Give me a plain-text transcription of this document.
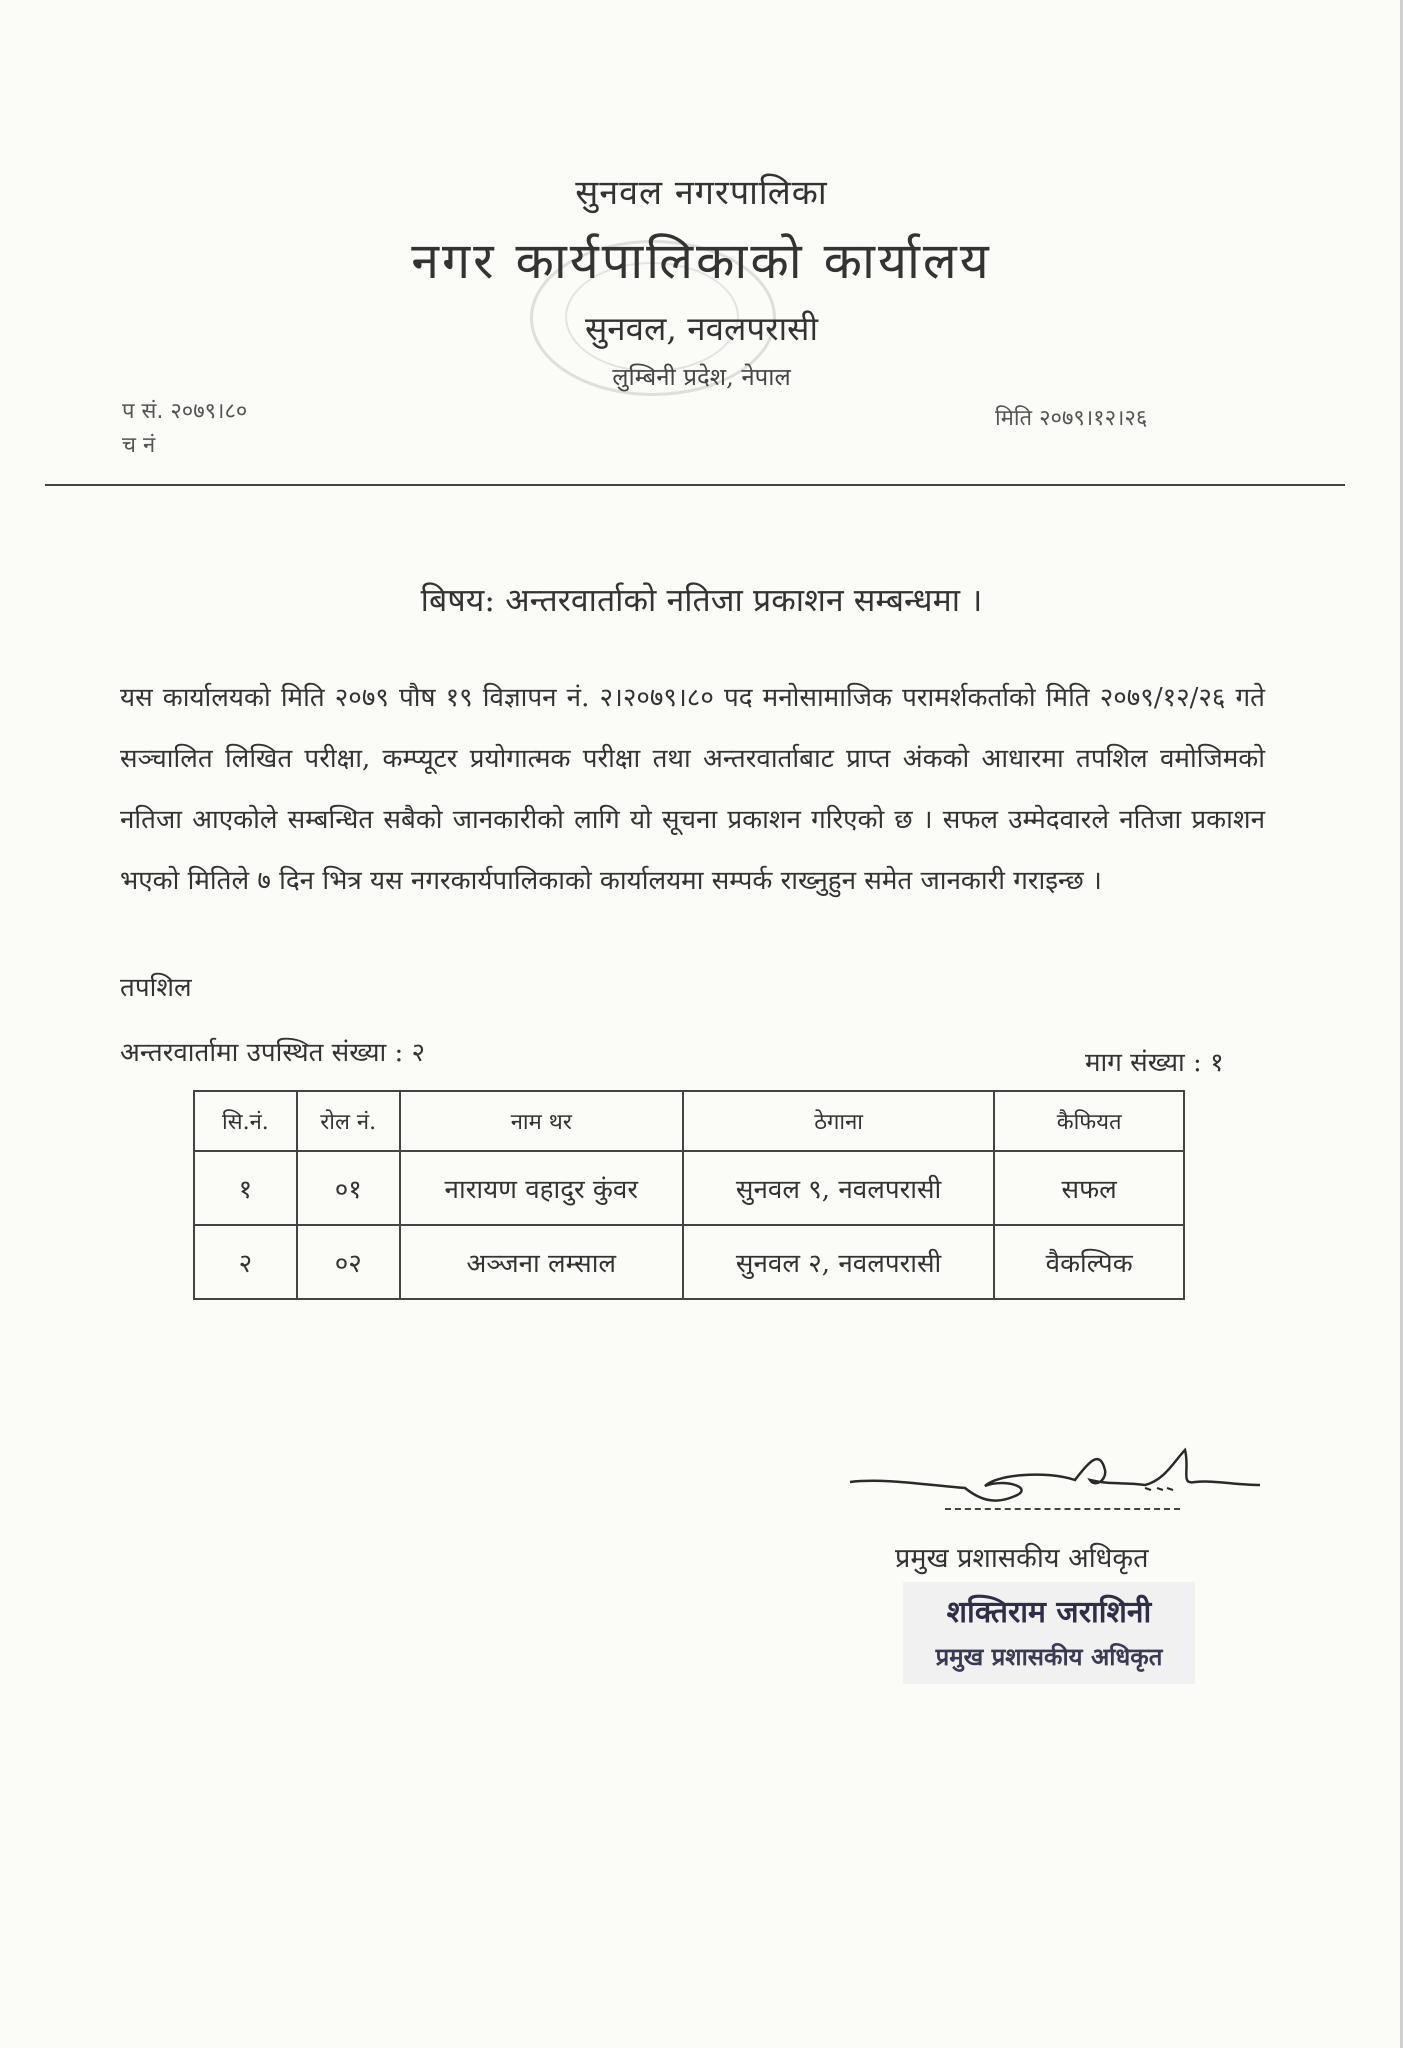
सुनवल नगरपालिका
नगर कार्यपालिकाको कार्यालय
सुनवल, नवलपरासी
लुम्बिनी प्रदेश, नेपाल
प सं. २०७९।८०
च नं
मिति २०७९।१२।२६
बिषय: अन्तरवार्ताको नतिजा प्रकाशन सम्बन्धमा ।
यस कार्यालयको मिति २०७९ पौष १९ विज्ञापन नं. २।२०७९।८० पद मनोसामाजिक परामर्शकर्ताको मिति २०७९/१२/२६ गते सञ्चालित लिखित परीक्षा, कम्प्यूटर प्रयोगात्मक परीक्षा तथा अन्तरवार्ताबाट प्राप्त अंकको आधारमा तपशिल वमोजिमको नतिजा आएकोले सम्बन्धित सबैको जानकारीको लागि यो सूचना प्रकाशन गरिएको छ । सफल उम्मेदवारले नतिजा प्रकाशन भएको मितिले ७ दिन भित्र यस नगरकार्यपालिकाको कार्यालयमा सम्पर्क राख्नुहुन समेत जानकारी गराइन्छ ।
तपशिल
अन्तरवार्तामा उपस्थित संख्या : २	माग संख्या : १
सि.नं.	रोल नं.	नाम थर	ठेगाना	कैफियत
१	०१	नारायण वहादुर कुंवर	सुनवल ९, नवलपरासी	सफल
२	०२	अञ्जना लम्साल	सुनवल २, नवलपरासी	वैकल्पिक
प्रमुख प्रशासकीय अधिकृत
शक्तिराम जराशिनी
प्रमुख प्रशासकीय अधिकृत
